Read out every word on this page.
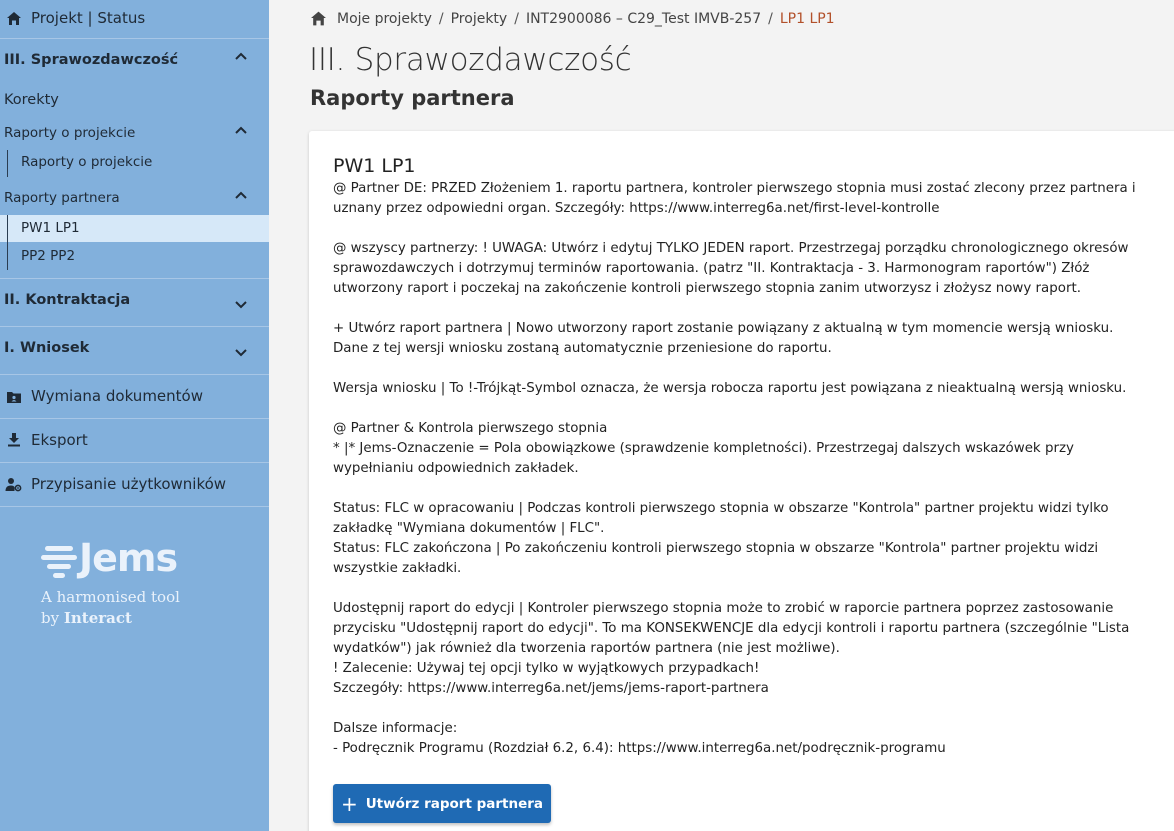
Projekt | Status
III. Sprawozdawczość
Korekty
Raporty o projekcie
Raporty o projekcie
Raporty partnera
PW1 LP1
PP2 PP2
II. Kontraktacja
I. Wniosek
Wymiana dokumentów
Eksport
Przypisanie użytkowników
Jems
A harmonised tool
by Interact
Moje projekty / Projekty / INT2900086 – C29_Test IMVB-257 / LP1 LP1
III. Sprawozdawczość
Raporty partnera
PW1 LP1

@ Partner DE: PRZED Złożeniem 1. raportu partnera, kontroler pierwszego stopnia musi zostać zlecony przez partnera i uznany przez odpowiedni organ. Szczegóły: https://www.interreg6a.net/first-level-kontrolle

@ wszyscy partnerzy: ! UWAGA: Utwórz i edytuj TYLKO JEDEN raport. Przestrzegaj porządku chronologicznego okresów sprawozdawczych i dotrzymuj terminów raportowania. (patrz "II. Kontraktacja - 3. Harmonogram raportów") Złóż utworzony raport i poczekaj na zakończenie kontroli pierwszego stopnia zanim utworzysz i złożysz nowy raport.

+ Utwórz raport partnera | Nowo utworzony raport zostanie powiązany z aktualną w tym momencie wersją wniosku. Dane z tej wersji wniosku zostaną automatycznie przeniesione do raportu.

Wersja wniosku | To !-Trójkąt-Symbol oznacza, że wersja robocza raportu jest powiązana z nieaktualną wersją wniosku.

@ Partner & Kontrola pierwszego stopnia

* |* Jems-Oznaczenie = Pola obowiązkowe (sprawdzenie kompletności). Przestrzegaj dalszych wskazówek przy wypełnianiu odpowiednich zakładek.

Status: FLC w opracowaniu | Podczas kontroli pierwszego stopnia w obszarze "Kontrola" partner projektu widzi tylko zakładkę "Wymiana dokumentów | FLC".

Status: FLC zakończona | Po zakończeniu kontroli pierwszego stopnia w obszarze "Kontrola" partner projektu widzi wszystkie zakładki.

Udostępnij raport do edycji | Kontroler pierwszego stopnia może to zrobić w raporcie partnera poprzez zastosowanie przycisku "Udostępnij raport do edycji". To ma KONSEKWENCJE dla edycji kontroli i raportu partnera (szczególnie "Lista wydatków") jak również dla tworzenia raportów partnera (nie jest możliwe).

! Zalecenie: Używaj tej opcji tylko w wyjątkowych przypadkach!

Szczegóły: https://www.interreg6a.net/jems/jems-raport-partnera

Dalsze informacje:

- Podręcznik Programu (Rozdział 6.2, 6.4): https://www.interreg6a.net/podręcznik-programu

+ Utwórz raport partnera
